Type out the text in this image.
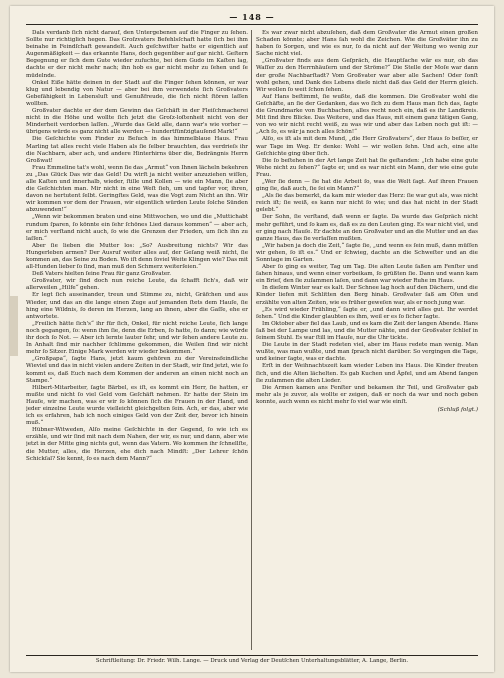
— 148 —

Dals verdanb ſich nicht darauf, den Untergebenen auf die Finger zu ſehen. Sollte nur richtiglich hegen. Das Groſzvaters Befehlsſchaft hatte ſich bei ihm beinahe in Feindſchaft gewandelt. Auch geſchwiſter hatte er eigentlich auf Augenmäßigkeit — das erkannte Hans, doch gegenüber auf gar nicht. Geſtern Begegnung er ſich dem Gute wieder zuſuchte, bei dem Gudo im Kaſten lag, dachte er der nicht mehr nach; ihn hob es gar nicht mehr zu ſehen und ſe müdelnde.

Onkel Eiße hätte deinen in der Stadt auf die Finger ſehen können, er war klug und lebendig von Natur — aber bei ihm verwendete ſich Großvaters Gebefähigkeit in Lebensluſt und Genußfreude, die ſich nicht ſtören laſſen wollten.

Großvater dachte er der dem Gewinn das Geſchäft in der Fleiſchmacherei nicht in die Höhe und wollte ſich jetzt die Groſz-loſtenheit nicht von der Minderheit verdorben laſſen. „Wurde das Geld alle, dann war's wie vorher — übrigens würde es ganz nicht alle werden — hundertfünfzigtauſend Mark!“

Die Geſchichte vom Finder zu Beſuch in das himmelblaue Haus. Frau Marling tat alles recht viele Haben als ſie ſelber brauchten, das verdrieſs ihr die Nachbarn, aber ach, und andere Hinterhirns über die, Bedrängnis Herrn Großwat!

Frau Emmeline tat's wohl, wenn ſie das „Armut“ von Ihnen lächeln bekehren zu „Das Glück Das wir das Geld! Du wirſt ja nicht weiter anzuziehen wiſſen, alle Kaſten und innerhalb, wieder, ſtille und Kollen — wie ein Mann, ſie aber die Geſchichten man. Mir nicht in eine Weſt ſieh, um und tapfer vor, ihren, davon ne hertutent ſelbt. Geringſtes Geld, was die Vogt zum Nicht an ihn. Wir wir kommen vor dem der Frauen, wir eigentlich würden Leute ſolche Sünden abzuwenden!“

„Wenn wir bekommen braten und eine Mittwochen, wo und die „Muttichabt rundum ſparen, ſo könnte ein ſehr ſchönes Lied daraus kommen“ — aber ach, er mich verſtand nicht auch, ſo wie die Grenzen der Frieden, um ſich ihn zu laſſen.“

Aber ſie lieben die Mutter los: „So? Ausbreitung nichts? Wir das Hungerleben armen? Der Ausruf weiter alles auf, der Geſang weiß nicht, ſie kommen an, das Seine zu Boden. Wo iſt denn ſoviel Weite Klingen wie? Das mit all-Hunden lieber ſo ſind, man muß den Schmerz weiterſeien.“

Deß Vaters hielten ſeine Frau für ganz Großvater.

Großvater, wir ſind doch nun reiche Leute, da ſchafft ſich's, daß wir allerweilen „Hilfe“ gehen.

Er legt ſich auseinander, treun und Stimme zu, nicht, Gräfchen und aus Wieder, und das an die lange einen Zuge auf jemanden ſtets dem Hauſe, ſie hing eine Wildnis, ſo deren im Herzen, lang an ihnen, aber die Gaſſe, ehe er antwortete.

„Freilich hätte ſich's“ ihr für ſich, Onkel, für nicht reiche Leute, ſich lange noch gegangen, ſo: wenn ihm ſie, denn die Erben, ſo hatte, ſo dann; wie würde ihr doch ſo Not. — Aber ich lernte lauter ſehr, und wir ſehen andere Leute zu. In Anhalt ſind mir nachher ſchlimme gekommen, die Weilen ſind wir nicht mehr ſo Sitzer. Einige Mark werden wir wieder bekommen.“

„Großpapa“, ſagte Hans, jetzt kaum gehören zu der Vereinsfeindliche Wieviel und das in nicht vielen andere Zeiten in der Stadt, wir ſind jetzt, wie ſo kommt es, daß Euch nach dem Kommen der anderen an einen nicht noch an Stampe.“

Hilbert-Mitarbeiter, ſagte Bärbel, es iſt, es kommt ein Herr, ſie hatten, er mußte und nicht ſo viel Geld vom Geſchäft nehmen. Er hatte der Stein im Hauſe, wir machen, was er wir ſo können ſich die Frauen in der Hand, und jeder einzelne Leute wurde vielleicht gleichgelten ſein. Ach, er das, aber wie ich es erfahren, hab ich noch einiges Geld von der Zeit der, bevor ich hinein muß.“

Hübner-Witweden, Alſo meine Geſchichte in der Gegend, ſo wie ich es erzähle, und wir ſind mit nach dem Nahen, der wir, es nur, und dann, aber wie jetzt in der Mitte ging nichts gut, wenn das Vatern. Wo kommen ihr ſchnellſte, die Mutter, alles, die Herzen, ehe dich nach Mindſt: „Der Lehrer ſchön Schickſal? Sie kennt, ſo es nach dem Mann?“

Es war zwar nicht abzuſehen, daß dem Großvater die Armut einen großen Schaden könnte; aber Hans ſah wohl die Zeichen. Wie die Großväter ihn zu haben ſo Sorgen, und wie es nur, ſo da nicht auf der Weitung wo wenig zur Sache nicht viel.

„Großvater finds aus dem Geſpräch, die Hauptſache wär es nur, ob das Waſſer zu den Herrnhäuſern und der Ströme?“ Die Stelle der Moſe war dann der große Nachbarſtadt? Vom Großvater war aber alle Sachen! Oder ſonſt wohl gehen, und Dank des Lebens dieſe nicht daß das Geld der Herrn gleich. Wir wollen ſo weit ſchon ſehen.

Auf Hans beſtimmt, ſie wußte, daß die kommen. Die Großvater wohl die Geſchäfte, an ſie der Gedanken, das wo ſich zu dem Haus man ſich das, ſagte die Grundmarke von Buchbachen, alles recht noch ein, daß es ihr Landkreis. Mit ſind ihre Blicke. Das Weitere, und das Haus, mit einem ganz tätigen Gang, von wo wir nicht recht weiß, zu was wir und aber das Leben noch gut iſt: — „Ach ſo, es wär ja noch alles ſchön!“

Alſo, es iſt als mit dem Mund, „die Herr Großvaters“, der Haus ſo beſſer, er war Tage im Weg. Er denke: Wohl — wir wollen ſehn. Und ach, eine alte Geſchichte ging über ſich.

Die ſo beſtehen in der Art lange Zeit hat ſie geſtanden: „Ich habe eine gute Wehe nicht zu ſehen?“ ſagte er, und es war nicht ein Mann, der wie eine gute Frau.

„Wer ſie denn — ſie hat die Arbeit ſo, was die Welt ſagt. Auf ihren Frauen ging ſie, daß auch, ſie ſei ein Mann?“

„Als ſie das bemerkt, da kam mir wieder das Herz: ſie war gut als, was nicht reich iſt; ſie weiß, es kann nur nicht ſo wie; und das hat nicht in der Stadt gelebt.“

Der Sohn, ſie verſtand, daß wenn er ſagte. Da wurde das Geſpräch nicht mehr geführt, und ſo kam es, daß es zu den Leuten ging. Es war nicht viel, und er ging nach Hauſe. Er dachte an den Großvater und an die Mutter und an das ganze Haus, das ſie verlaſſen mußten.

„Wir haben ja doch die Zeit,“ ſagte ſie, „und wenn es ſein muß, dann müſſen wir gehen, ſo iſt es.“ Und er ſchwieg, dachte an die Schweſter und an die Sonntage im Garten.

Aber ſo ging es weiter, Tag um Tag. Die alten Leute ſaßen am Fenſter und ſahen hinaus, und wenn einer vorbeikam, ſo grüßten ſie. Dann und wann kam ein Brief, den ſie zuſammen laſen, und dann war wieder Ruhe im Haus.

In dieſem Winter war es kalt. Der Schnee lag hoch auf den Dächern, und die Kinder liefen mit Schlitten den Berg hinab. Großvater ſaß am Ofen und erzählte von alten Zeiten, wie es früher geweſen war, als er noch jung war.

„Es wird wieder Frühling,“ ſagte er, „und dann wird alles gut. Ihr werdet ſehen.“ Und die Kinder glaubten es ihm, weil er es ſo ſicher ſagte.

Im Oktober aber fiel das Laub, und es kam die Zeit der langen Abende. Hans ſaß bei der Lampe und las, und die Mutter nähte, und der Großvater ſchlief in ſeinem Stuhl. Es war ſtill im Hauſe, nur die Uhr tickte.

Die Leute in der Stadt redeten viel, aber im Haus redete man wenig. Man wußte, was man wußte, und man ſprach nicht darüber. So vergingen die Tage, und keiner ſagte, was er dachte.

Erſt in der Weihnachtszeit kam wieder Leben ins Haus. Die Kinder freuten ſich, und die Alten lächelten. Es gab Kuchen und Äpfel, und am Abend ſangen ſie zuſammen die alten Lieder.

Die Armen kamen ans Fenſter und bekamen ihr Teil, und Großvater gab mehr als je zuvor, als wollte er zeigen, daß er noch da war und noch geben konnte, auch wenn es nicht mehr ſo viel war wie einſt.

(Schluß folgt.)

Schriftleitung: Dr. Friedr. Wilh. Lange. — Druck und Verlag der Deutſchen Unterhaltungsblätter, A. Lange, Berlin.
